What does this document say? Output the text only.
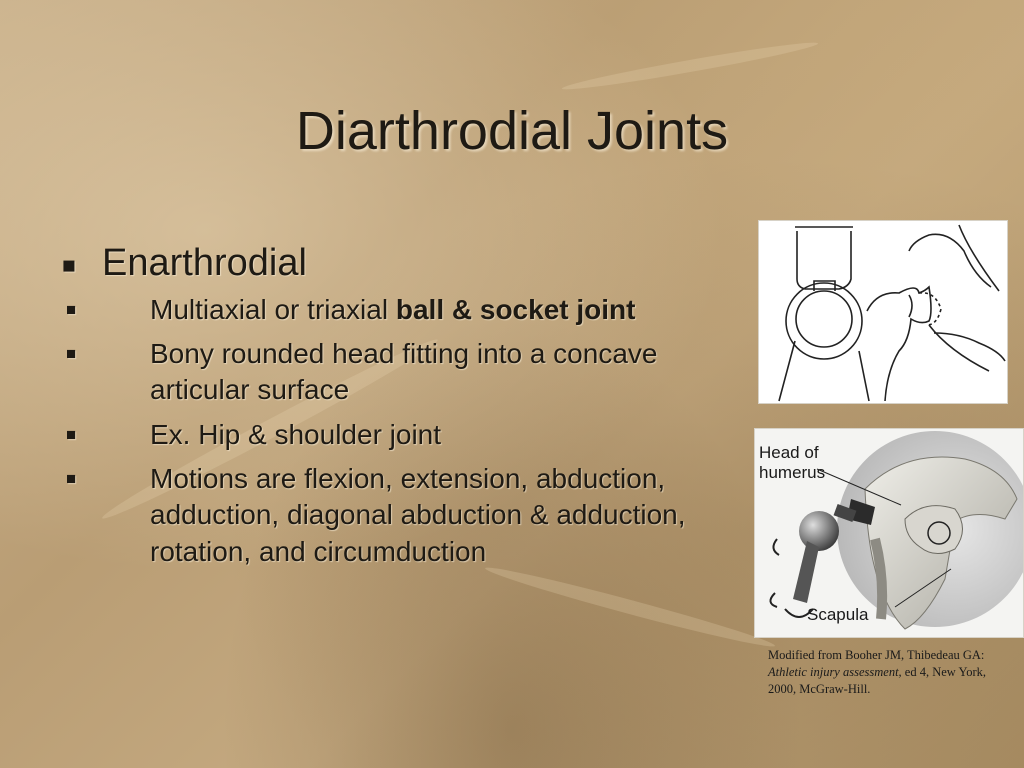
Diarthrodial Joints
■ Enarthrodial
■	Multiaxial or triaxial ball & socket joint
■	Bony rounded head fitting into a concave articular surface
■	Ex. Hip & shoulder joint
■	Motions are flexion, extension, abduction, adduction, diagonal abduction & adduction, rotation, and circumduction
Head of
humerus
Scapula
Modified from Booher JM, Thibedeau GA: Athletic injury assessment, ed 4, New York, 2000, McGraw-Hill.
